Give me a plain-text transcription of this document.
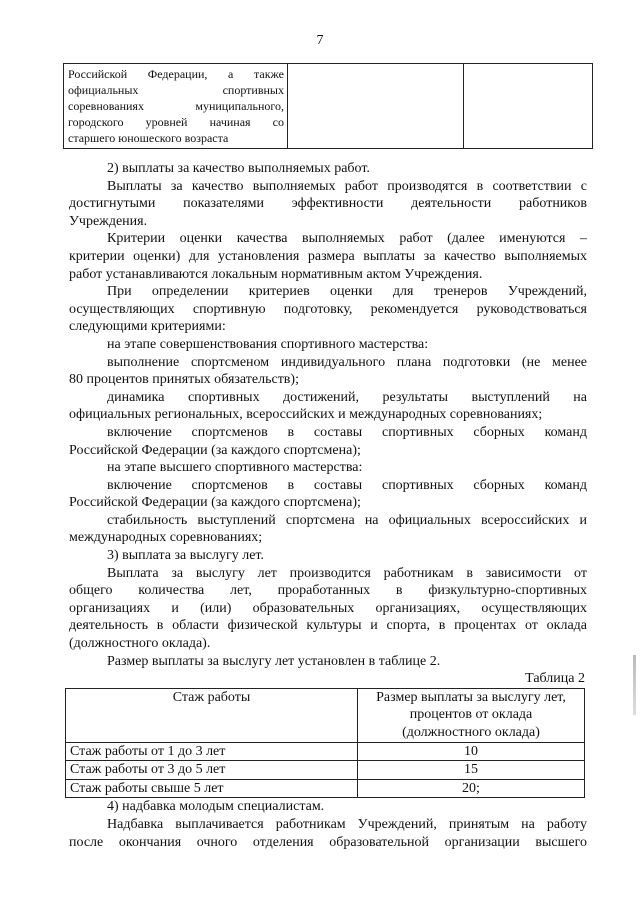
7
Российской Федерации, а также
официальных спортивных
соревнованиях муниципального,
городского уровней начиная со
старшего юношеского возраста

2) выплаты за качество выполняемых работ.

Выплаты за качество выполняемых работ производятся в соответствии с
достигнутыми показателями эффективности деятельности работников
Учреждения.
Критерии оценки качества выполняемых работ (далее именуются –
критерии оценки) для установления размера выплаты за качество выполняемых
работ устанавливаются локальным нормативным актом Учреждения.
При определении критериев оценки для тренеров Учреждений,
осуществляющих спортивную подготовку, рекомендуется руководствоваться
следующими критериями:

на этапе совершенствования спортивного мастерства:

выполнение спортсменом индивидуального плана подготовки (не менее
80 процентов принятых обязательств);
динамика спортивных достижений, результаты выступлений на
официальных региональных, всероссийских и международных соревнованиях;
включение спортсменов в составы спортивных сборных команд
Российской Федерации (за каждого спортсмена);

на этапе высшего спортивного мастерства:

включение спортсменов в составы спортивных сборных команд
Российской Федерации (за каждого спортсмена);
стабильность выступлений спортсмена на официальных всероссийских и
международных соревнованиях;

3) выплата за выслугу лет.

Выплата за выслугу лет производится работникам в зависимости от
общего количества лет, проработанных в физкультурно-спортивных
организациях и (или) образовательных организациях, осуществляющих
деятельность в области физической культуры и спорта, в процентах от оклада
(должностного оклада).

Размер выплаты за выслугу лет установлен в таблице 2.

Таблица 2

Стаж работы	Размер выплаты за выслугу лет,
процентов от оклада
(должностного оклада)

Стаж работы от 1 до 3 лет	10
Стаж работы от 3 до 5 лет	15
Стаж работы свыше 5 лет	20;

4) надбавка молодым специалистам.

Надбавка выплачивается работникам Учреждений, принятым на работу
после окончания очного отделения образовательной организации высшего
